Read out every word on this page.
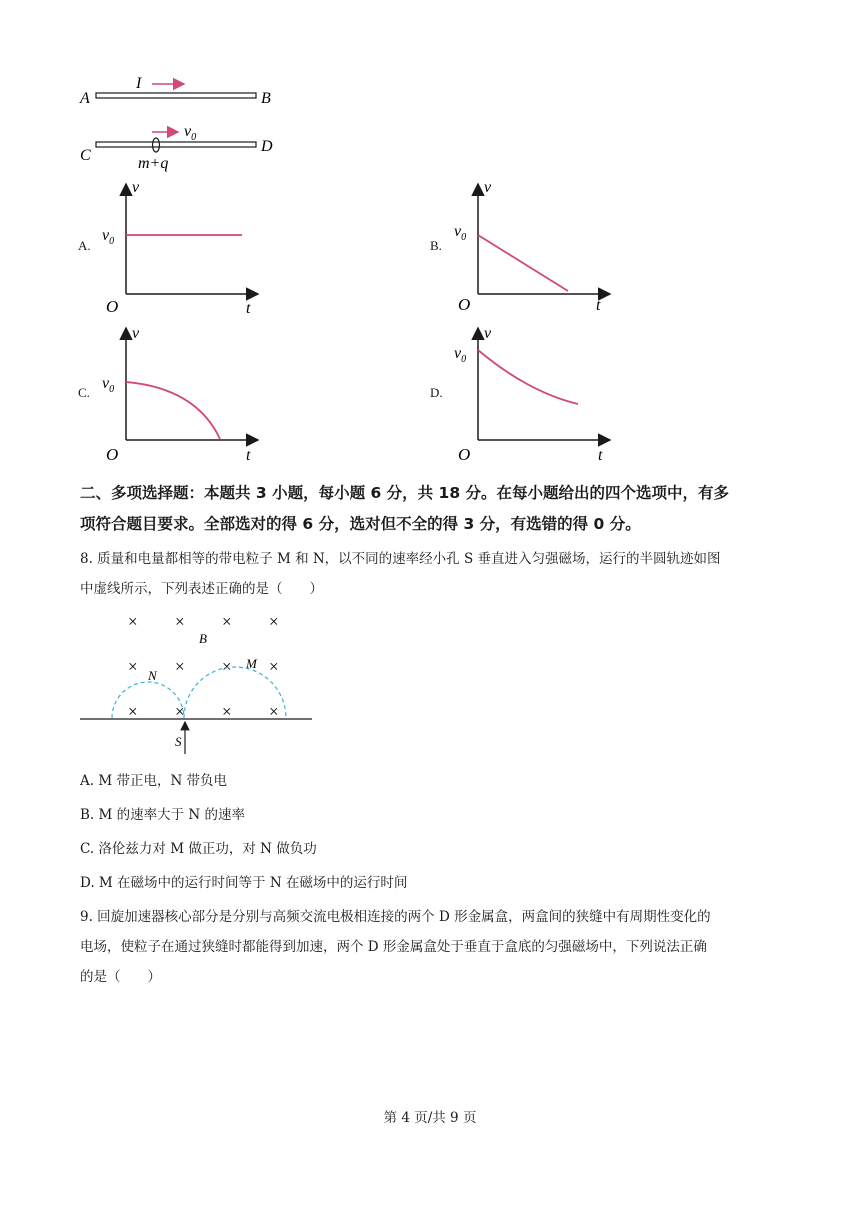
A	B
I
C
D
$v_0$
m+q
A.
v
t
O
$v_0$	B.
v
t
O
$v_0$
C.
v
t
O
$v_0$	D.
v
t
O
$v_0$
二、多项选择题：本题共 3 小题，每小题 6 分，共 18 分。在每小题给出的四个选项中，有多
项符合题目要求。全部选对的得 6 分，选对但不全的得 3 分，有选错的得 0 分。
8. 质量和电量都相等的带电粒子 M 和 N，以不同的速率经小孔 S 垂直进入匀强磁场，运行的半圆轨迹如图
中虚线所示，下列表述正确的是（　　）
× × × ×
B
× × × ×
N
M
× × × ×
S
A. M 带正电，N 带负电
B. M 的速率大于 N 的速率
C. 洛伦兹力对 M 做正功，对 N 做负功
D. M 在磁场中的运行时间等于 N 在磁场中的运行时间
9. 回旋加速器核心部分是分别与高频交流电极相连接的两个 D 形金属盒，两盒间的狭缝中有周期性变化的
电场，使粒子在通过狭缝时都能得到加速，两个 D 形金属盒处于垂直于盒底的匀强磁场中，下列说法正确
的是（　　）
第 4 页/共 9 页
